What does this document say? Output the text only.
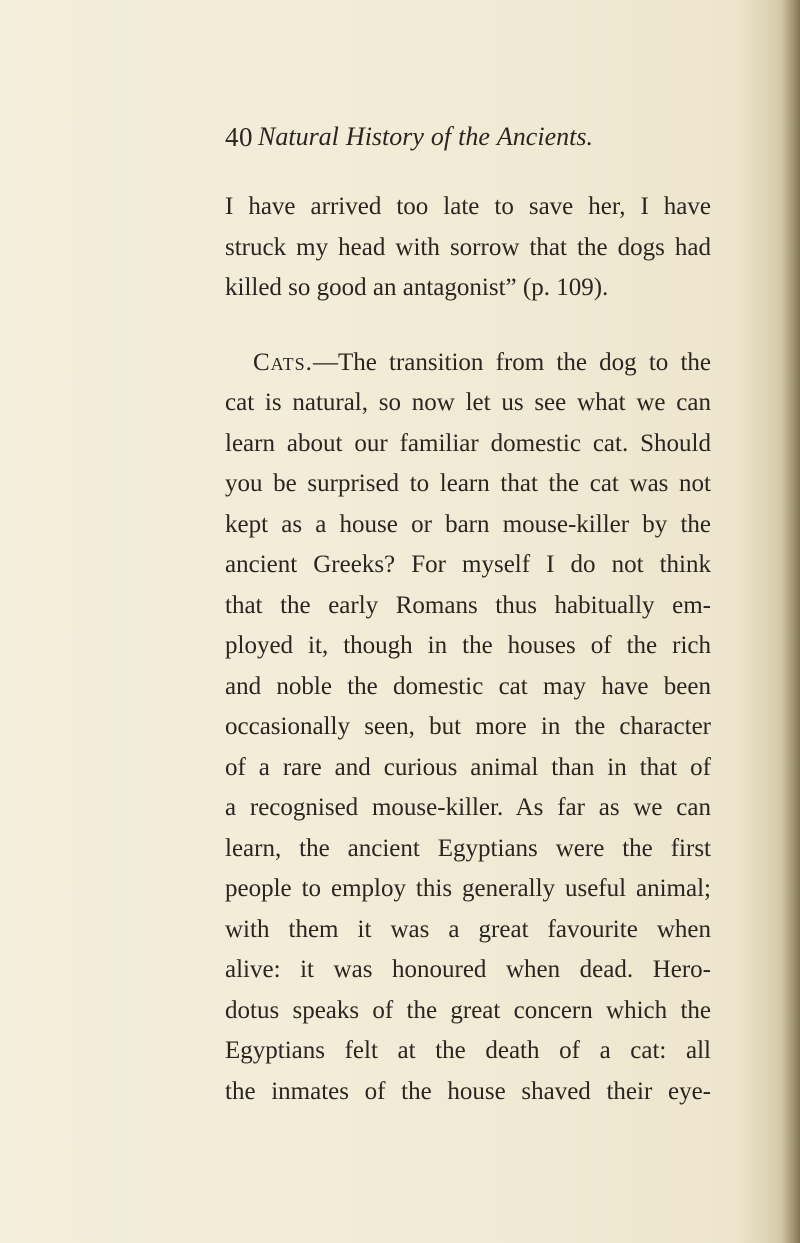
40 Natural History of the Ancients.
I have arrived too late to save her, I have
struck my head with sorrow that the dogs had
killed so good an antagonist” (p. 109).
Cats.—The transition from the dog to the
cat is natural, so now let us see what we can
learn about our familiar domestic cat. Should
you be surprised to learn that the cat was not
kept as a house or barn mouse-killer by the
ancient Greeks? For myself I do not think
that the early Romans thus habitually em-
ployed it, though in the houses of the rich
and noble the domestic cat may have been
occasionally seen, but more in the character
of a rare and curious animal than in that of
a recognised mouse-killer. As far as we can
learn, the ancient Egyptians were the first
people to employ this generally useful animal;
with them it was a great favourite when
alive: it was honoured when dead. Hero-
dotus speaks of the great concern which the
Egyptians felt at the death of a cat: all
the inmates of the house shaved their eye-
